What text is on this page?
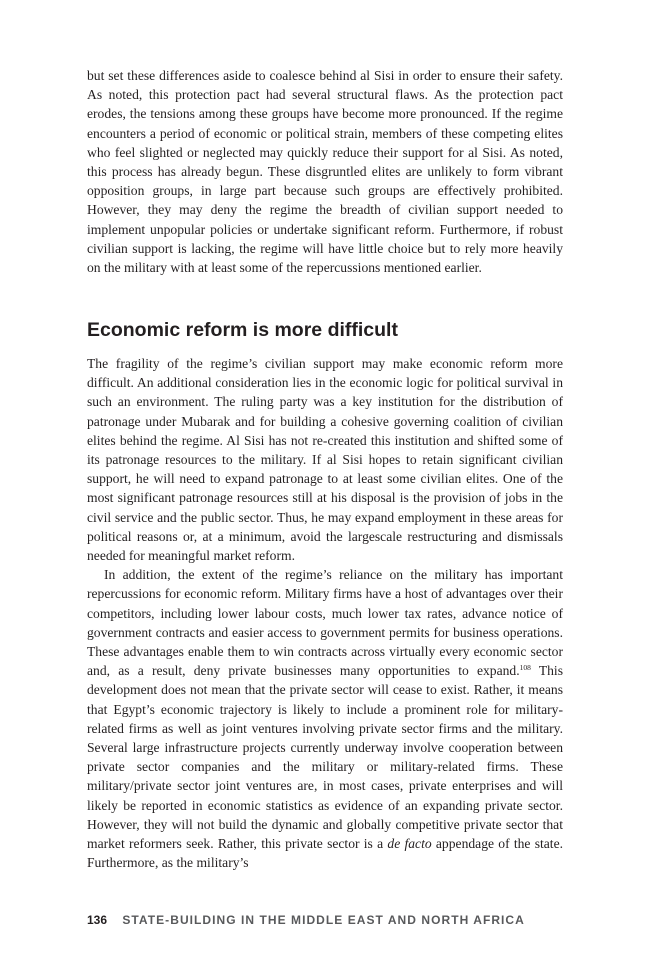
but set these differences aside to coalesce behind al Sisi in order to ensure their safety. As noted, this protection pact had several structural flaws. As the protection pact erodes, the tensions among these groups have become more pronounced. If the regime encounters a period of economic or political strain, members of these competing elites who feel slighted or neglected may quickly reduce their support for al Sisi. As noted, this process has already begun. These disgruntled elites are unlikely to form vibrant opposition groups, in large part because such groups are effectively prohibited. However, they may deny the regime the breadth of civilian support needed to implement unpopular policies or undertake significant reform. Furthermore, if robust civilian support is lacking, the regime will have little choice but to rely more heavily on the military with at least some of the repercussions mentioned earlier.

Economic reform is more difficult

The fragility of the regime’s civilian support may make economic reform more difficult. An additional consideration lies in the economic logic for political survival in such an environment. The ruling party was a key institution for the distribution of patronage under Mubarak and for building a cohesive governing coalition of civilian elites behind the regime. Al Sisi has not re-created this institution and shifted some of its patronage resources to the military. If al Sisi hopes to retain significant civilian support, he will need to expand patronage to at least some civilian elites. One of the most significant patronage resources still at his disposal is the provision of jobs in the civil service and the public sector. Thus, he may expand employment in these areas for political reasons or, at a minimum, avoid the largescale restructuring and dismissals needed for meaningful market reform.

In addition, the extent of the regime’s reliance on the military has important repercussions for economic reform. Military firms have a host of advantages over their competitors, including lower labour costs, much lower tax rates, advance notice of government contracts and easier access to government permits for business operations. These advantages enable them to win contracts across virtually every economic sector and, as a result, deny private businesses many opportunities to expand.$^{108}$ This development does not mean that the private sector will cease to exist. Rather, it means that Egypt’s economic trajectory is likely to include a prominent role for military-related firms as well as joint ventures involving private sector firms and the military. Several large infrastructure projects currently underway involve cooperation between private sector companies and the military or military-related firms. These military/private sector joint ventures are, in most cases, private enterprises and will likely be reported in economic statistics as evidence of an expanding private sector. However, they will not build the dynamic and globally competitive private sector that market reformers seek. Rather, this private sector is a de facto appendage of the state. Furthermore, as the military’s

136 STATE-BUILDING IN THE MIDDLE EAST AND NORTH AFRICA
